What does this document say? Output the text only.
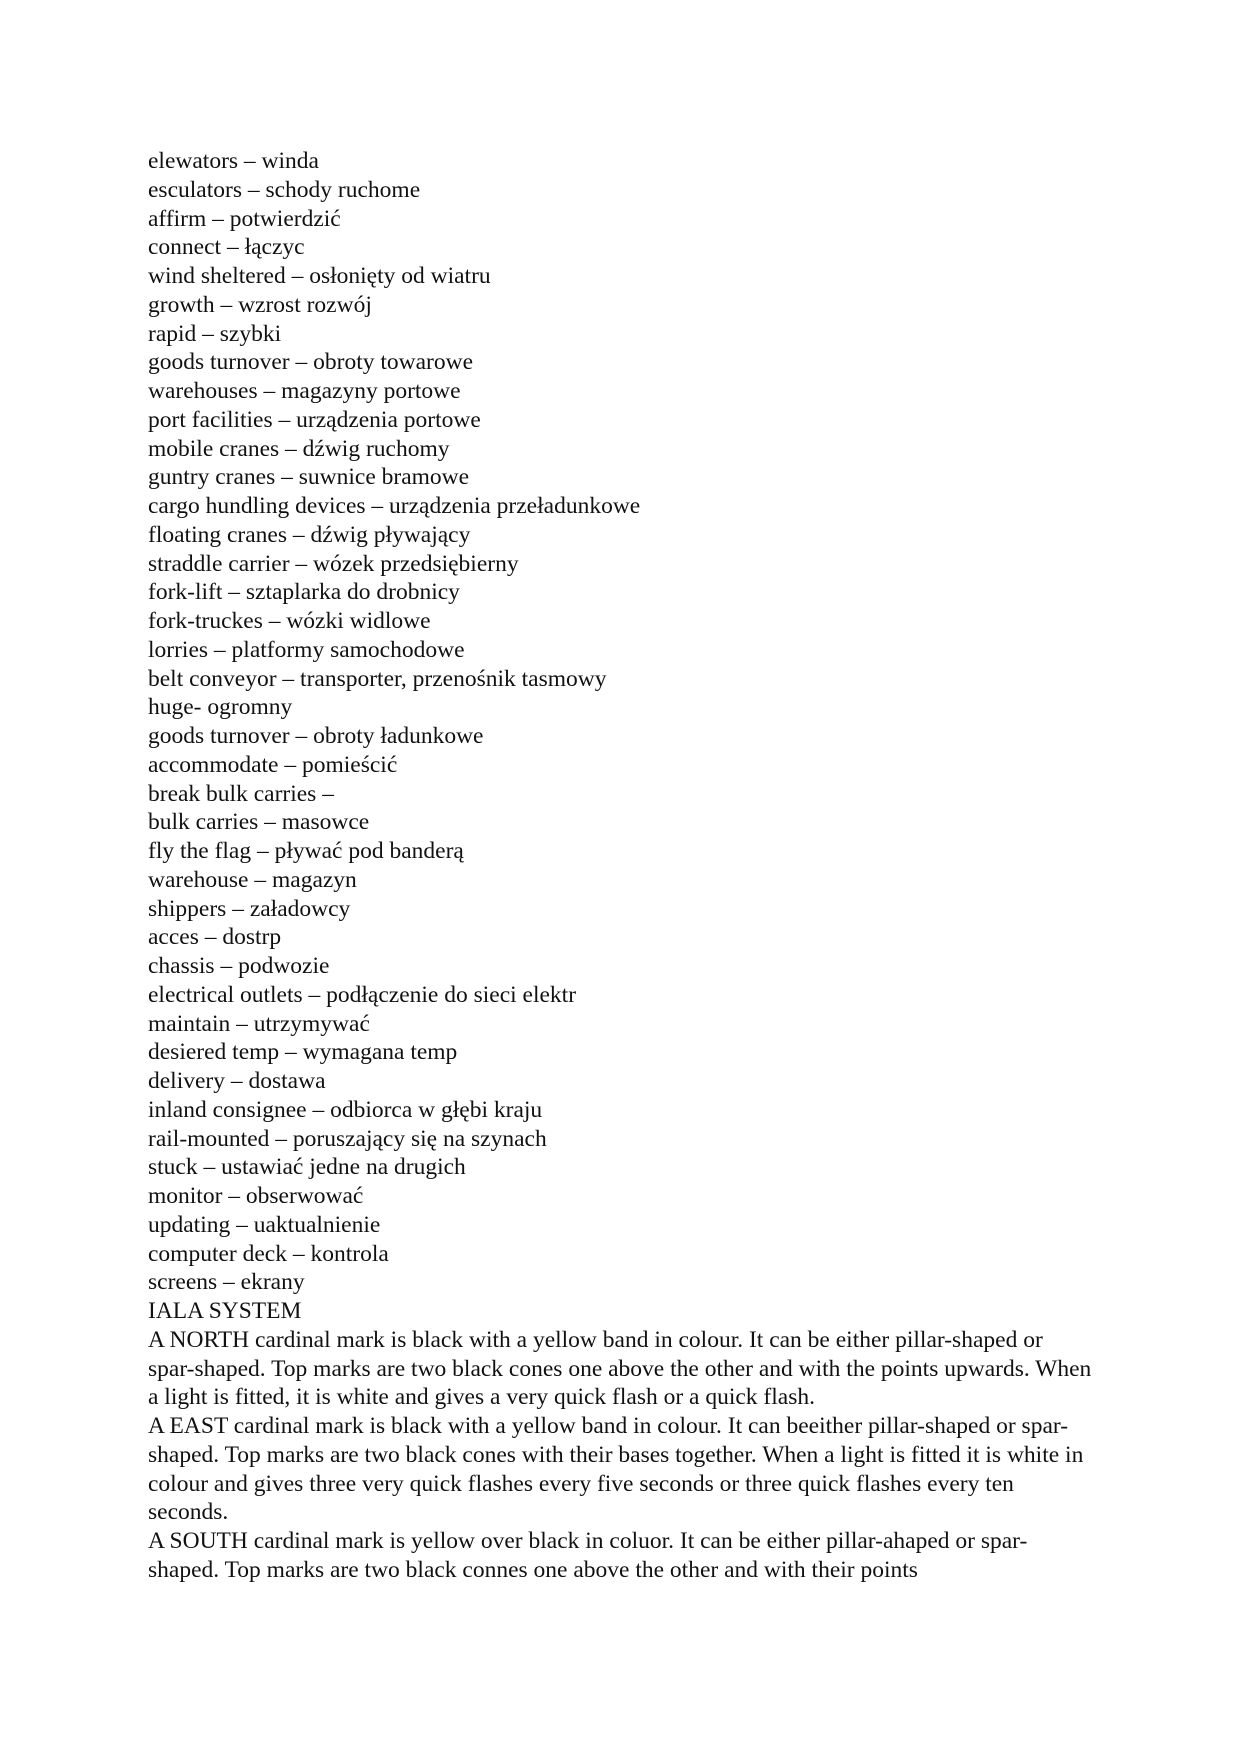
elewators – winda
esculators – schody ruchome
affirm – potwierdzić
connect – łączyc
wind sheltered – osłonięty od wiatru
growth – wzrost rozwój
rapid – szybki
goods turnover – obroty towarowe
warehouses – magazyny portowe
port facilities – urządzenia portowe
mobile cranes – dźwig ruchomy
guntry cranes – suwnice bramowe
cargo hundling devices – urządzenia przeładunkowe
floating cranes – dźwig pływający
straddle carrier – wózek przedsiębierny
fork-lift – sztaplarka do drobnicy
fork-truckes – wózki widlowe
lorries – platformy samochodowe
belt conveyor – transporter, przenośnik tasmowy
huge- ogromny
goods turnover – obroty ładunkowe
accommodate – pomieścić
break bulk carries –
bulk carries – masowce
fly the flag – pływać pod banderą
warehouse – magazyn
shippers – załadowcy
acces – dostrp
chassis – podwozie
electrical outlets – podłączenie do sieci elektr
maintain – utrzymywać
desiered temp – wymagana temp
delivery – dostawa
inland consignee – odbiorca w głębi kraju
rail-mounted – poruszający się na szynach
stuck – ustawiać jedne na drugich
monitor – obserwować
updating – uaktualnienie
computer deck – kontrola
screens – ekrany
IALA SYSTEM

A NORTH cardinal mark is black with a yellow band in colour. It can be either pillar-shaped or spar-shaped. Top marks are two black cones one above the other and with the points upwards. When a light is fitted, it is white and gives a very quick flash or a quick flash.

A EAST cardinal mark is black with a yellow band in colour. It can beeither pillar-shaped or spar-shaped. Top marks are two black cones with their bases together. When a light is fitted it is white in colour and gives three very quick flashes every five seconds or three quick flashes every ten seconds.

A SOUTH cardinal mark is yellow over black in coluor. It can be either pillar-ahaped or spar-shaped. Top marks are two black connes one above the other and with their points
